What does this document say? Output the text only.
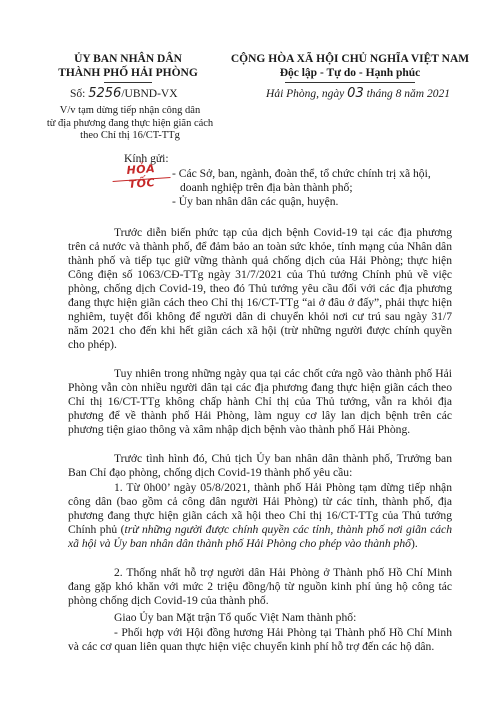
ỦY BAN NHÂN DÂN
THÀNH PHỐ HẢI PHÒNG
Số: 5256/UBND-VX
V/v tạm dừng tiếp nhận công dân
từ địa phương đang thực hiện giãn cách
theo Chỉ thị 16/CT-TTg
CỘNG HÒA XÃ HỘI CHỦ NGHĨA VIỆT NAM
Độc lập - Tự do - Hạnh phúc
Hải Phòng, ngày 03 tháng 8 năm 2021
Kính gửi:
- Các Sở, ban, ngành, đoàn thể, tổ chức chính trị xã hội,
doanh nghiệp trên địa bàn thành phố;
- Ủy ban nhân dân các quận, huyện.
HỎA TỐC
Trước diễn biến phức tạp của dịch bệnh Covid-19 tại các địa phương trên cả nước và thành phố, để đảm bảo an toàn sức khỏe, tính mạng của Nhân dân thành phố và tiếp tục giữ vững thành quả chống dịch của Hải Phòng; thực hiện Công điện số 1063/CĐ-TTg ngày 31/7/2021 của Thủ tướng Chính phủ về việc phòng, chống dịch Covid-19, theo đó Thủ tướng yêu cầu đối với các địa phương đang thực hiện giãn cách theo Chỉ thị 16/CT-TTg “ai ở đâu ở đấy”, phải thực hiện nghiêm, tuyệt đối không để người dân di chuyển khỏi nơi cư trú sau ngày 31/7 năm 2021 cho đến khi hết giãn cách xã hội (trừ những người được chính quyền cho phép).
Tuy nhiên trong những ngày qua tại các chốt cửa ngõ vào thành phố Hải Phòng vẫn còn nhiều người dân tại các địa phương đang thực hiện giãn cách theo Chỉ thị 16/CT-TTg không chấp hành Chỉ thị của Thủ tướng, vẫn ra khỏi địa phương để về thành phố Hải Phòng, làm nguy cơ lây lan dịch bệnh trên các phương tiện giao thông và xâm nhập dịch bệnh vào thành phố Hải Phòng.
Trước tình hình đó, Chủ tịch Ủy ban nhân dân thành phố, Trưởng ban Ban Chỉ đạo phòng, chống dịch Covid-19 thành phố yêu cầu:
1. Từ 0h00’ ngày 05/8/2021, thành phố Hải Phòng tạm dừng tiếp nhận công dân (bao gồm cả công dân người Hải Phòng) từ các tỉnh, thành phố, địa phương đang thực hiện giãn cách xã hội theo Chỉ thị 16/CT-TTg của Thủ tướng Chính phủ (trừ những người được chính quyền các tỉnh, thành phố nơi giãn cách xã hội và Ủy ban nhân dân thành phố Hải Phòng cho phép vào thành phố).
2. Thống nhất hỗ trợ người dân Hải Phòng ở Thành phố Hồ Chí Minh đang gặp khó khăn với mức 2 triệu đồng/hộ từ nguồn kinh phí ủng hộ công tác phòng chống dịch Covid-19 của thành phố.
Giao Ủy ban Mặt trận Tổ quốc Việt Nam thành phố:
- Phối hợp với Hội đồng hương Hải Phòng tại Thành phố Hồ Chí Minh và các cơ quan liên quan thực hiện việc chuyển kinh phí hỗ trợ đến các hộ dân.
